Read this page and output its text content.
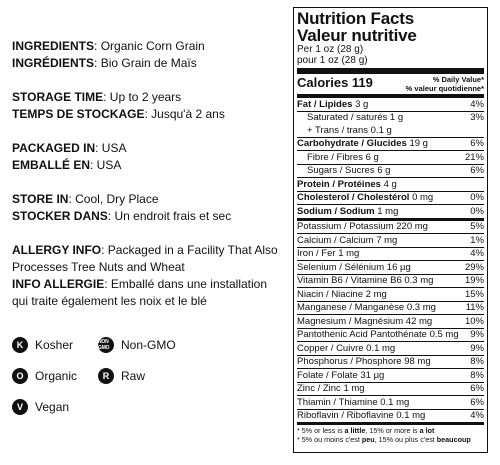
INGREDIENTS: Organic Corn Grain
INGRÉDIENTS: Bio Grain de Maïs
STORAGE TIME: Up to 2 years
TEMPS DE STOCKAGE: Jusqu'à 2 ans
PACKAGED IN: USA
EMBALLÉ EN: USA
STORE IN: Cool, Dry Place
STOCKER DANS: Un endroit frais et sec
ALLERGY INFO: Packaged in a Facility That Also Processes Tree Nuts and Wheat
INFO ALLERGIE: Emballé dans une installation qui traite également les noix et le blé
K Kosher	NON GMO Non-GMO
O Organic	R Raw
V	Vegan
Nutrition Facts
Valeur nutritive
Per 1 oz (28 g)
pour 1 oz (28 g)
Calories 119	% Daily Value*
% valeur quotidienne*
Fat / Lipides 3 g	4%
Saturated / saturés 1 g	3%
+ Trans / trans 0.1 g
Carbohydrate / Glucides 19 g	6%
Fibre / Fibres 6 g	21%
Sugars / Sucres 6 g	6%
Protein / Protéines 4 g
Cholesterol / Cholestérol 0 mg	0%
Sodium / Sodium 1 mg	0%
Potassium / Potassium 220 mg	5%
Calcium / Calcium 7 mg	1%
Iron / Fer 1 mg	4%
Selenium / Sélénium 16 µg	29%
Vitamin B6 / Vitamine B6 0.3 mg	19%
Niacin / Niacine 2 mg	15%
Manganese / Manganèse 0.3 mg	11%
Magnesium / Magnésium 42 mg	10%
Pantothenic Acid Pantothénate 0.5 mg	9%
Copper / Cuivre 0.1 mg	9%
Phosphorus / Phosphore 98 mg	8%
Folate / Folate 31 µg	8%
Zinc / Zinc 1 mg	6%
Thiamin / Thiamine 0.1 mg	6%
Riboflavin / Riboflavine 0.1 mg	4%
* 5% or less is a little, 15% or more is a lot
* 5% ou moins c'est peu, 15% ou plus c'est beaucoup
